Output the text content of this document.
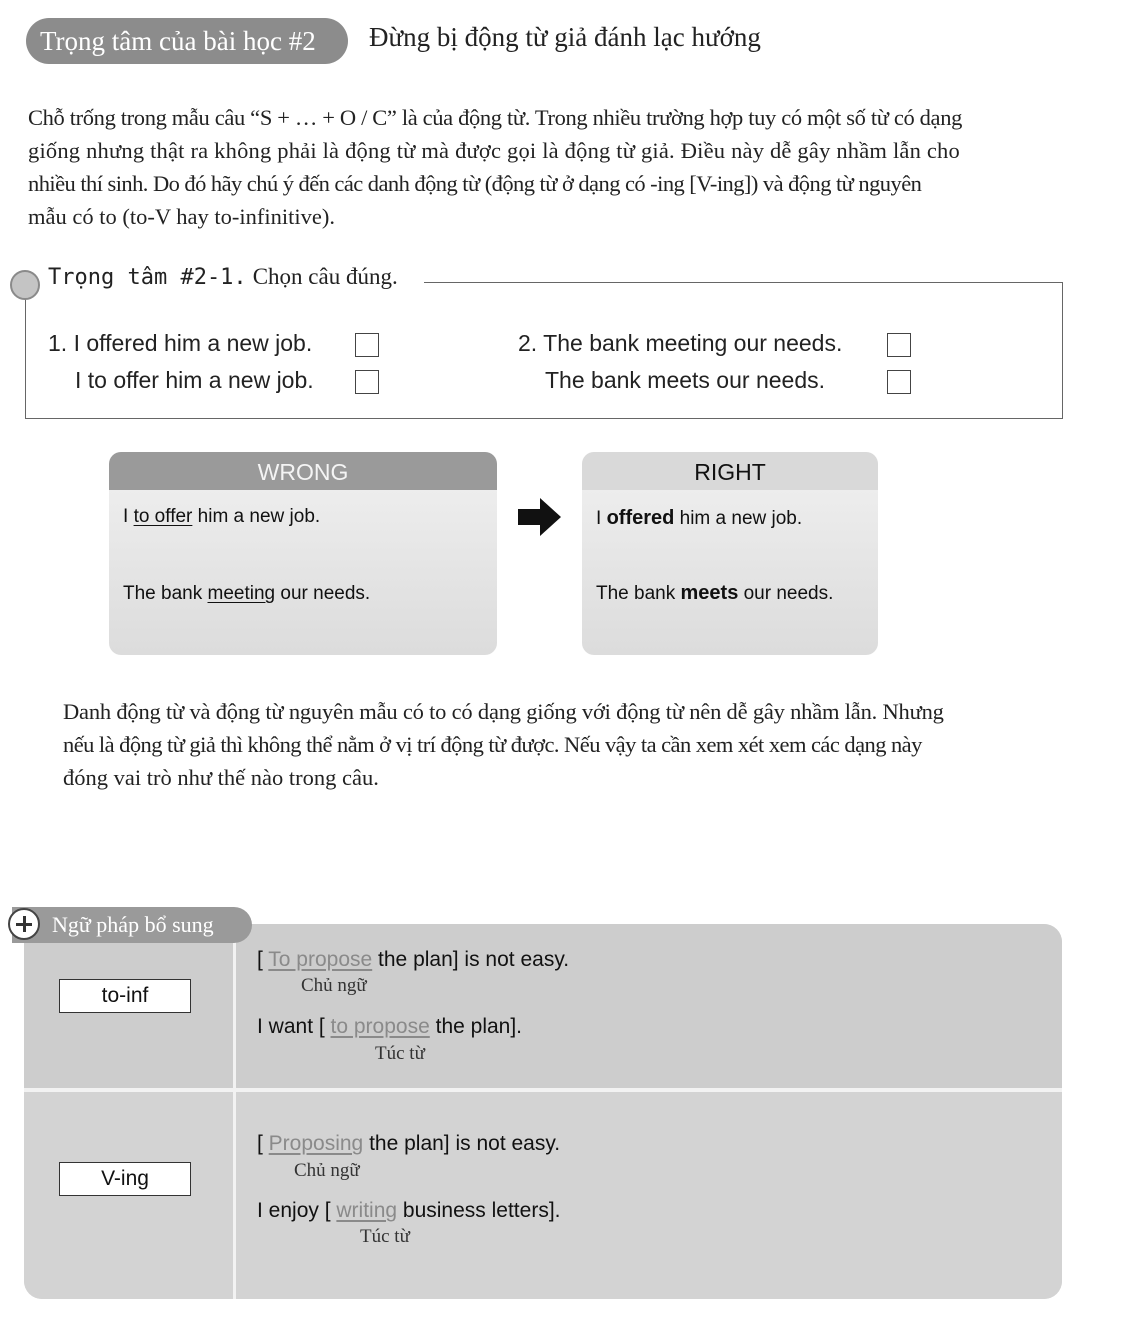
Trọng tâm của bài học #2	Đừng bị động từ giả đánh lạc hướng

Chỗ trống trong mẫu câu “S + … + O / C” là của động từ. Trong nhiều trường hợp tuy có một số từ có dạng

giống nhưng thật ra không phải là động từ mà được gọi là động từ giả. Điều này dễ gây nhầm lẫn cho

nhiều thí sinh. Do đó hãy chú ý đến các danh động từ (động từ ở dạng có -ing [V-ing]) và động từ nguyên

mẫu có to (to-V hay to-infinitive).

Trọng tâm #2-1. Chọn câu đúng.
1. I offered him a new job.
I to offer him a new job.
2. The bank meeting our needs.
The bank meets our needs.
WRONG
I to offer him a new job.
The bank meeting our needs.
RIGHT
I offered him a new job.
The bank meets our needs.

Danh động từ và động từ nguyên mẫu có to có dạng giống với động từ nên dễ gây nhầm lẫn. Nhưng

nếu là động từ giả thì không thể nằm ở vị trí động từ được. Nếu vậy ta cần xem xét xem các dạng này

đóng vai trò như thế nào trong câu.

Ngữ pháp bổ sung
to-inf
[ To propose the plan] is not easy.
Chủ ngữ
I want [ to propose the plan].
Túc từ
V-ing
[ Proposing the plan] is not easy.
Chủ ngữ
I enjoy [ writing business letters].
Túc từ
